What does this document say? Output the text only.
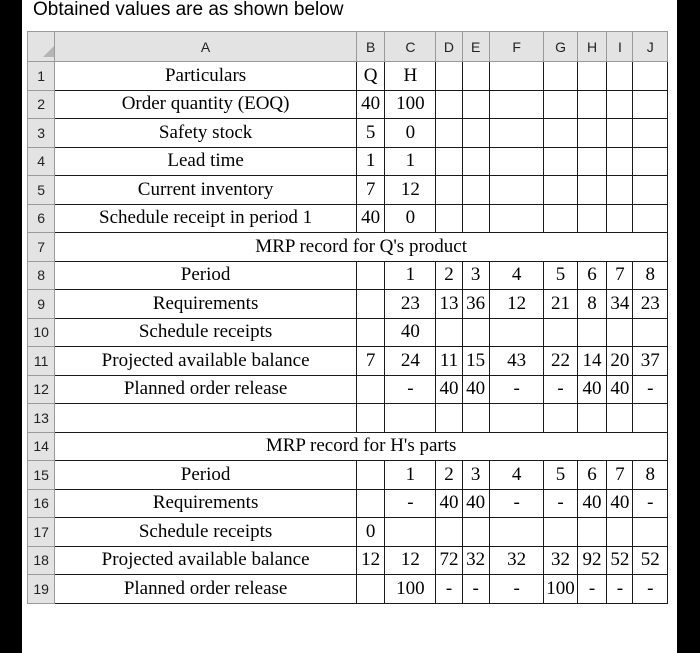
Obtained values are as shown below
	A	B	C	D	E	F	G	H	I	J
1	Particulars	Q	H							
2	Order quantity (EOQ)	40	100							
3	Safety stock	5	0							
4	Lead time	1	1							
5	Current inventory	7	12							
6	Schedule receipt in period 1	40	0							
7	MRP record for Q's product									
8	Period		1	2	3	4	5	6	7	8
9	Requirements		23	13	36	12	21	8	34	23
10	Schedule receipts		40							
11	Projected available balance	7	24	11	15	43	22	14	20	37
12	Planned order release		-	40	40	-	-	40	40	-
13										
14	MRP record for H's parts									
15	Period		1	2	3	4	5	6	7	8
16	Requirements		-	40	40	-	-	40	40	-
17	Schedule receipts	0								
18	Projected available balance	12	12	72	32	32	32	92	52	52
19	Planned order release		100	-	-	-	100	-	-	-
